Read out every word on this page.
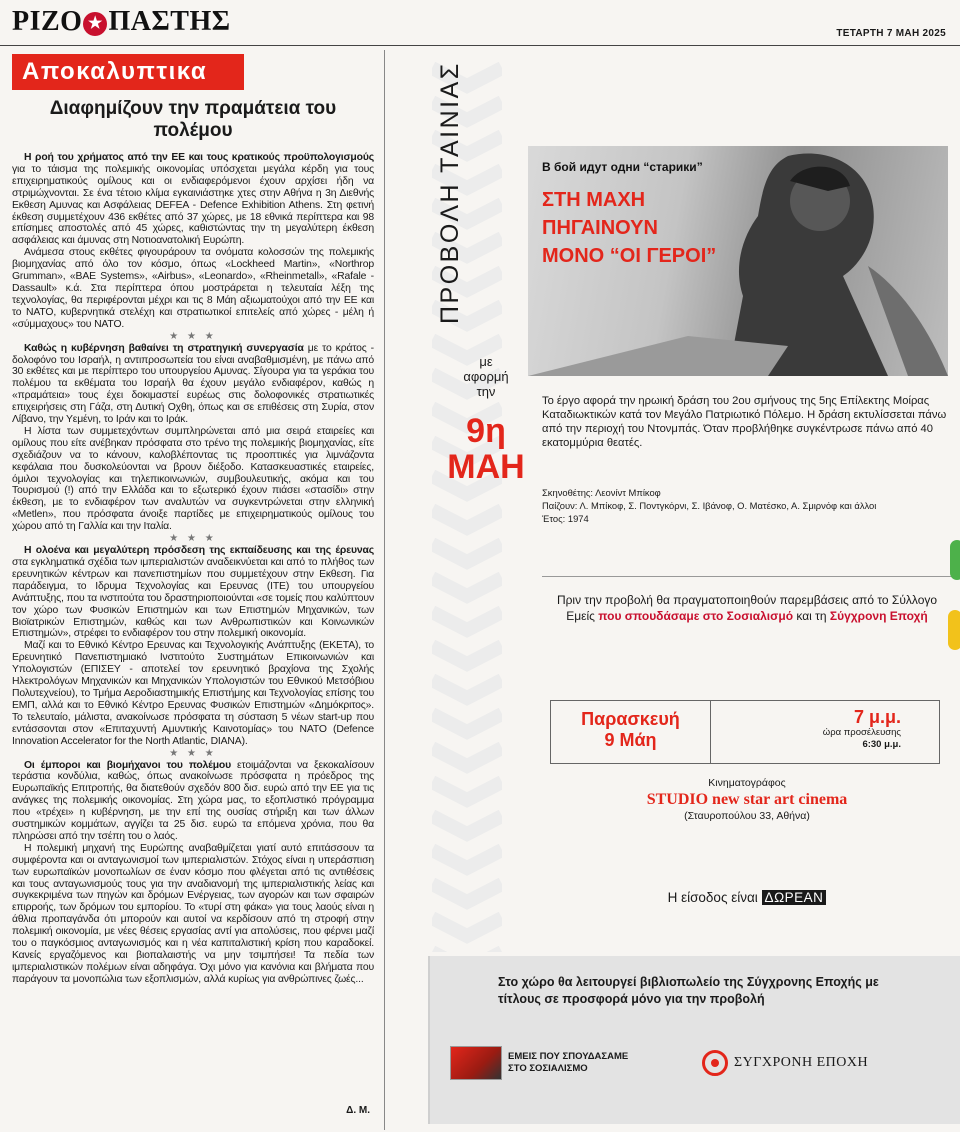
ΡΙΖΟ ★ ΠΑΣΤΗΣ	ΤΕΤΑΡΤΗ 7 ΜΑΗ 2025
Αποκαλυπτικα
Διαφημίζουν την πραμάτεια του πολέμου

Η ροή του χρήματος από την ΕΕ και τους κρατικούς προϋπολογισμούς για το τάισμα της πολεμικής οικονομίας υπόσχεται μεγάλα κέρδη για τους επιχειρηματικούς ομίλους και οι ενδιαφερόμενοι έχουν αρχίσει ήδη να στριμώχνονται. Σε ένα τέτοιο κλίμα εγκαινιάστηκε χτες στην Αθήνα η 3η Διεθνής Εκθεση Αμυνας και Ασφάλειας DEFEA - Defence Exhibition Athens. Στη φετινή έκθεση συμμετέχουν 436 εκθέτες από 37 χώρες, με 18 εθνικά περίπτερα και 98 επίσημες αποστολές από 45 χώρες, καθιστώντας την τη μεγαλύτερη έκθεση ασφάλειας και άμυνας στη Νοτιοανατολική Ευρώπη.

Ανάμεσα στους εκθέτες φιγουράρουν τα ονόματα κολοσσών της πολεμικής βιομηχανίας από όλο τον κόσμο, όπως «Lockheed Martin», «Northrop Grumman», «BAE Systems», «Airbus», «Leonardo», «Rheinmetall», «Rafale - Dassault» κ.ά. Στα περίπτερα όπου μοστράρεται η τελευταία λέξη της τεχνολογίας, θα περιφέρονται μέχρι και τις 8 Μάη αξιωματούχοι από την ΕΕ και το ΝΑΤΟ, κυβερνητικά στελέχη και στρατιωτικοί επιτελείς από χώρες - μέλη ή «σύμμαχους» του ΝΑΤΟ.

★ ★ ★

Καθώς η κυβέρνηση βαθαίνει τη στρατηγική συνεργασία με το κράτος - δολοφόνο του Ισραήλ, η αντιπροσωπεία του είναι αναβαθμισμένη, με πάνω από 30 εκθέτες και με περίπτερο του υπουργείου Αμυνας. Σίγουρα για τα γεράκια του πολέμου τα εκθέματα του Ισραήλ θα έχουν μεγάλο ενδιαφέρον, καθώς η «πραμάτεια» τους έχει δοκιμαστεί ευρέως στις δολοφονικές στρατιωτικές επιχειρήσεις στη Γάζα, στη Δυτική Οχθη, όπως και σε επιθέσεις στη Συρία, στον Λίβανο, την Υεμένη, το Ιράν και το Ιράκ.

Η λίστα των συμμετεχόντων συμπληρώνεται από μια σειρά εταιρείες και ομίλους που είτε ανέβηκαν πρόσφατα στο τρένο της πολεμικής βιομηχανίας, είτε σχεδιάζουν να το κάνουν, καλοβλέποντας τις προοπτικές για λιμνάζοντα κεφάλαια που δυσκολεύονται να βρουν διέξοδο. Κατασκευαστικές εταιρείες, όμιλοι τεχνολογίας και τηλεπικοινωνιών, συμβουλευτικής, ακόμα και του Τουρισμού (!) από την Ελλάδα και το εξωτερικό έχουν πιάσει «στασίδι» στην έκθεση, με το ενδιαφέρον των αναλυτών να συγκεντρώνεται στην ελληνική «Metlen», που πρόσφατα άνοιξε παρτίδες με επιχειρηματικούς ομίλους του χώρου από τη Γαλλία και την Ιταλία.

★ ★ ★

Η ολοένα και μεγαλύτερη πρόσδεση της εκπαίδευσης και της έρευνας στα εγκληματικά σχέδια των ιμπεριαλιστών αναδεικνύεται και από το πλήθος των ερευνητικών κέντρων και πανεπιστημίων που συμμετέχουν στην Εκθεση. Για παράδειγμα, το Ιδρυμα Τεχνολογίας και Ερευνας (ΙΤΕ) του υπουργείου Ανάπτυξης, που τα ινστιτούτα του δραστηριοποιούνται «σε τομείς που καλύπτουν τον χώρο των Φυσικών Επιστημών και των Επιστημών Μηχανικών, των Βιοϊατρικών Επιστημών, καθώς και των Ανθρωπιστικών και Κοινωνικών Επιστημών», στρέφει το ενδιαφέρον του στην πολεμική οικονομία.

Μαζί και το Εθνικό Κέντρο Ερευνας και Τεχνολογικής Ανάπτυξης (ΕΚΕΤΑ), το Ερευνητικό Πανεπιστημιακό Ινστιτούτο Συστημάτων Επικοινωνιών και Υπολογιστών (ΕΠΙΣΕΥ - αποτελεί τον ερευνητικό βραχίονα της Σχολής Ηλεκτρολόγων Μηχανικών και Μηχανικών Υπολογιστών του Εθνικού Μετσόβιου Πολυτεχνείου), το Τμήμα Αεροδιαστημικής Επιστήμης και Τεχνολογίας επίσης του ΕΜΠ, αλλά και το Εθνικό Κέντρο Ερευνας Φυσικών Επιστημών «Δημόκριτος». Το τελευταίο, μάλιστα, ανακοίνωσε πρόσφατα τη σύσταση 5 νέων start-up που εντάσσονται στον «Επιταχυντή Αμυντικής Καινοτομίας» του ΝΑΤΟ (Defence Innovation Accelerator for the North Atlantic, DIANA).

★ ★ ★

Οι έμποροι και βιομήχανοι του πολέμου ετοιμάζονται να ξεκοκαλίσουν τεράστια κονδύλια, καθώς, όπως ανακοίνωσε πρόσφατα η πρόεδρος της Ευρωπαϊκής Επιτροπής, θα διατεθούν σχεδόν 800 δισ. ευρώ από την ΕΕ για τις ανάγκες της πολεμικής οικονομίας. Στη χώρα μας, το εξοπλιστικό πρόγραμμα που «τρέχει» η κυβέρνηση, με την επί της ουσίας στήριξη και των άλλων συστημικών κομμάτων, αγγίζει τα 25 δισ. ευρώ τα επόμενα χρόνια, που θα πληρώσει από την τσέπη του ο λαός.

Η πολεμική μηχανή της Ευρώπης αναβαθμίζεται γιατί αυτό επιτάσσουν τα συμφέροντα και οι ανταγωνισμοί των ιμπεριαλιστών. Στόχος είναι η υπεράσπιση των ευρωπαϊκών μονοπωλίων σε έναν κόσμο που φλέγεται από τις αντιθέσεις και τους ανταγωνισμούς τους για την αναδιανομή της ιμπεριαλιστικής λείας και συγκεκριμένα των πηγών και δρόμων Ενέργειας, των αγορών και των σφαιρών επιρροής, των δρόμων του εμπορίου. Το «τυρί στη φάκα» για τους λαούς είναι η άθλια προπαγάνδα ότι μπορούν και αυτοί να κερδίσουν από τη στροφή στην πολεμική οικονομία, με νέες θέσεις εργασίας αντί για απολύσεις, που φέρνει μαζί του ο παγκόσμιος ανταγωνισμός και η νέα καπιταλιστική κρίση που καραδοκεί. Κανείς εργαζόμενος και βιοπαλαιστής να μην τσιμπήσει! Τα πεδία των ιμπεριαλιστικών πολέμων είναι αδηφάγα. Όχι μόνο για κανόνια και βλήματα που παράγουν τα μονοπώλια των εξοπλισμών, αλλά κυρίως για ανθρώπινες ζωές...

Δ. Μ.
ΠΡΟΒΟΛΗ ΤΑΙΝΙΑΣ
με
αφορμή
την
9η
ΜΑΗ
В бой идут одни “старики”
ΣΤΗ ΜΑΧΗ
ΠΗΓΑΙΝΟΥΝ
ΜΟΝΟ “ΟΙ ΓΕΡΟΙ”
Το έργο αφορά την ηρωική δράση του 2ου σμήνους της 5ης Επίλεκτης Μοίρας Καταδιωκτικών κατά τον Μεγάλο Πατριωτικό Πόλεμο. Η δράση εκτυλίσσεται πάνω από την περιοχή του Ντονμπάς. Όταν προβλήθηκε συγκέντρωσε πάνω από 40 εκατομμύρια θεατές.
Σκηνοθέτης: Λεονίντ Μπίκοφ
Παίζουν: Λ. Μπίκοφ, Σ. Ποντγκόρνι, Σ. Ιβάνοφ, Ο. Ματέσκο, Α. Σμιρνόφ και άλλοι
Έτος: 1974
Πριν την προβολή θα πραγματοποιηθούν παρεμβάσεις από το Σύλλογο Εμείς που σπουδάσαμε στο Σοσιαλισμό και τη Σύγχρονη Εποχή
Παρασκευή
9 Μάη
7 μ.μ.
ώρα προσέλευσης
6:30 μ.μ.
Κινηματογράφος
STUDIO new star art cinema
(Σταυροπούλου 33, Αθήνα)
Η είσοδος είναι ΔΩΡΕΑΝ
Στο χώρο θα λειτουργεί βιβλιοπωλείο της Σύγχρονης Εποχής με τίτλους σε προσφορά μόνο για την προβολή
ΕΜΕΙΣ ΠΟΥ ΣΠΟΥΔΑΣΑΜΕ
ΣΤΟ ΣΟΣΙΑΛΙΣΜΟ	ΣΥΓΧΡΟΝΗ ΕΠΟΧΗ
